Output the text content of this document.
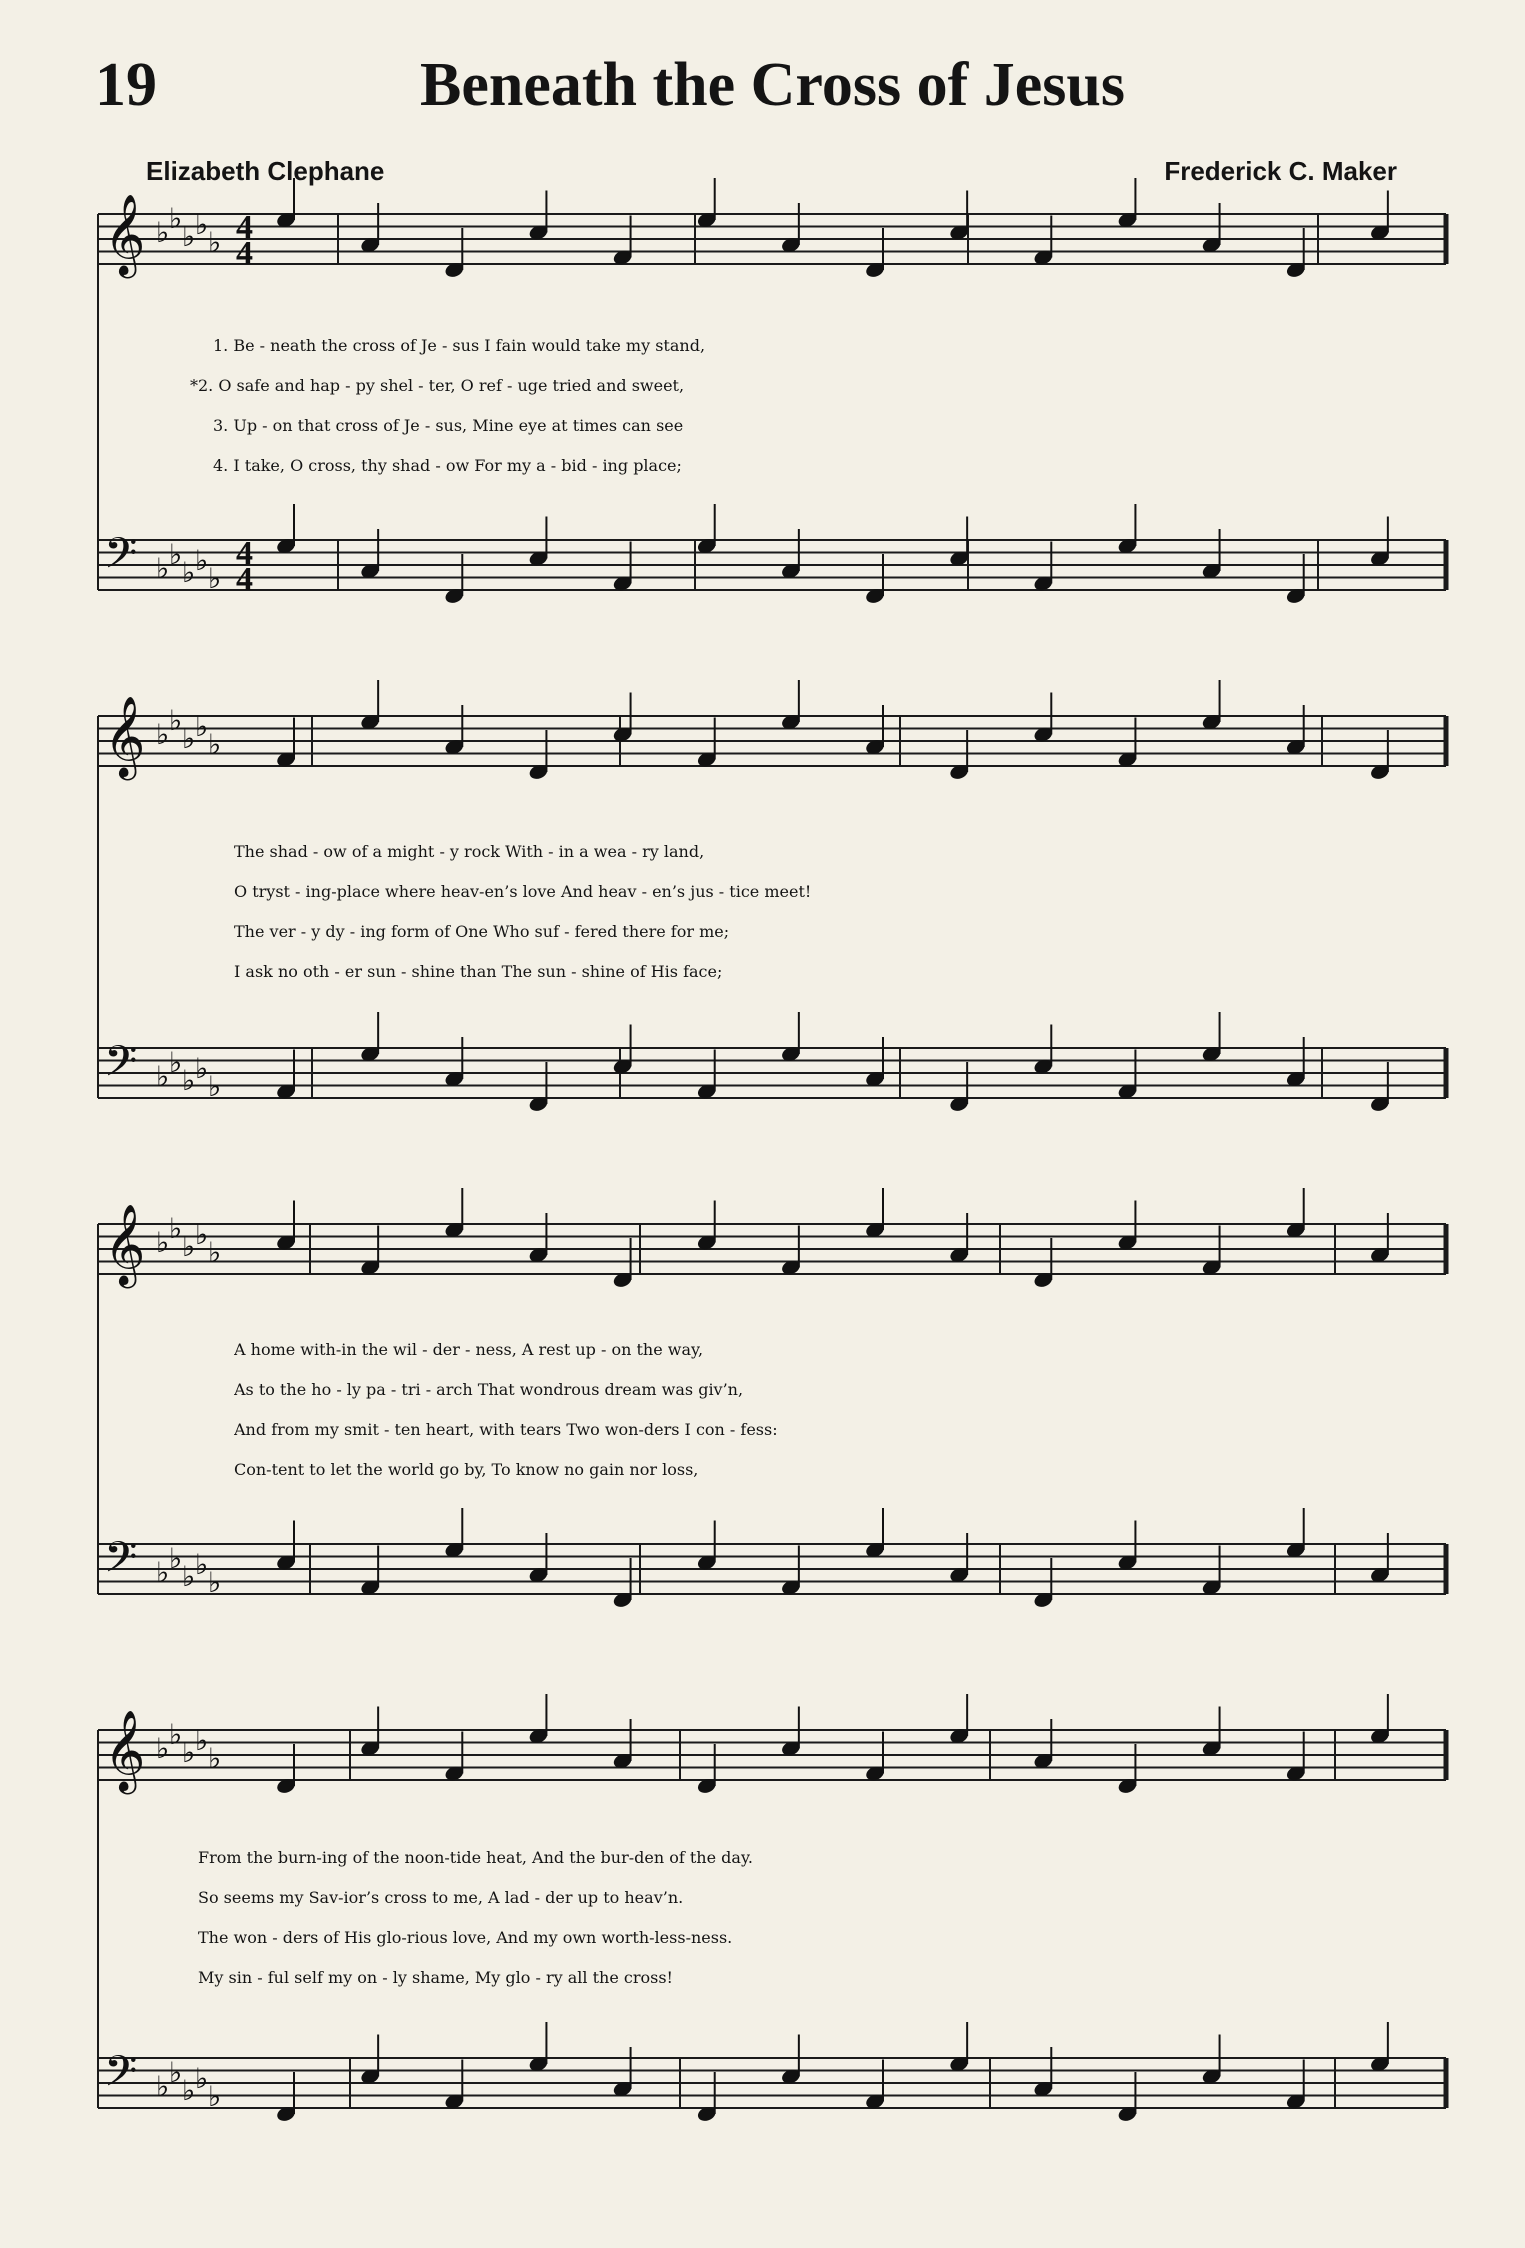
19	Beneath the Cross of Jesus
Elizabeth Clephane	Frederick C. Maker
𝄞 ♭ ♭
♭ ♭
♭
𝄢 ♭ ♭
♭ ♭
♭
𝄞 ♭ ♭
♭ ♭
♭
𝄢 ♭ ♭
♭ ♭
♭
𝄞 ♭ ♭
♭ ♭
♭
𝄢 ♭ ♭
♭ ♭
♭
𝄞 ♭ ♭
♭ ♭
♭
𝄢 ♭ ♭
♭ ♭
♭
4
4
4
4
1. Be - neath the cross of Je - sus I fain would take my stand,
*2. O safe and hap - py shel - ter, O ref - uge tried and sweet,
3. Up - on that cross of Je - sus, Mine eye at times can see
4. I take, O cross, thy shad - ow For my a - bid - ing place;
The shad - ow of a might - y rock With - in a wea - ry land,
O tryst - ing-place where heav-en’s love And heav - en’s jus - tice meet!
The ver - y dy - ing form of One Who suf - fered there for me;
I ask no oth - er sun - shine than The sun - shine of His face;
A home with-in the wil - der - ness, A rest up - on the way,
As to the ho - ly pa - tri - arch That wondrous dream was giv’n,
And from my smit - ten heart, with tears Two won-ders I con - fess:
Con-tent to let the world go by, To know no gain nor loss,
From the burn-ing of the noon-tide heat, And the bur-den of the day.
So seems my Sav-ior’s cross to me, A lad - der up to heav’n.
The won - ders of His glo-rious love, And my own worth-less-ness.
My sin - ful self my on - ly shame, My glo - ry all the cross!
